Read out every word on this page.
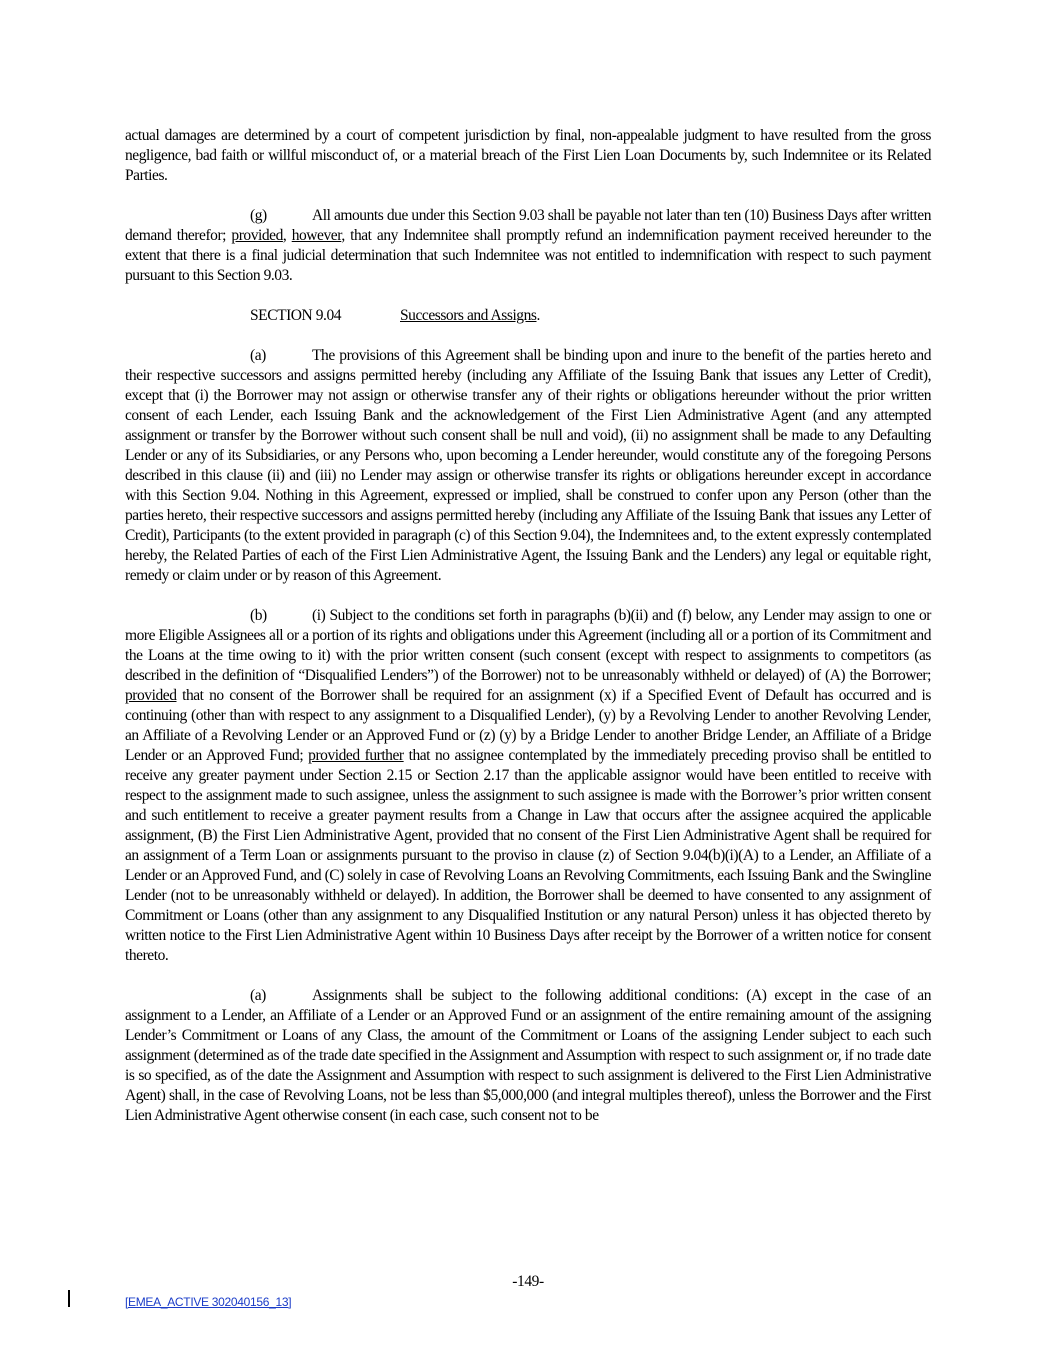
actual damages are determined by a court of competent jurisdiction by final, non-appealable judgment to have resulted from the gross negligence, bad faith or willful misconduct of, or a material breach of the First Lien Loan Documents by, such Indemnitee or its Related Parties.

(g)	All amounts due under this Section 9.03 shall be payable not later than ten (10) Business Days after written demand therefor; provided, however, that any Indemnitee shall promptly refund an indemnification payment received hereunder to the extent that there is a final judicial determination that such Indemnitee was not entitled to indemnification with respect to such payment pursuant to this Section 9.03.

SECTION 9.04	Successors and Assigns.

(a)	The provisions of this Agreement shall be binding upon and inure to the benefit of the parties hereto and their respective successors and assigns permitted hereby (including any Affiliate of the Issuing Bank that issues any Letter of Credit), except that (i) the Borrower may not assign or otherwise transfer any of their rights or obligations hereunder without the prior written consent of each Lender, each Issuing Bank and the acknowledgement of the First Lien Administrative Agent (and any attempted assignment or transfer by the Borrower without such consent shall be null and void), (ii) no assignment shall be made to any Defaulting Lender or any of its Subsidiaries, or any Persons who, upon becoming a Lender hereunder, would constitute any of the foregoing Persons described in this clause (ii) and (iii) no Lender may assign or otherwise transfer its rights or obligations hereunder except in accordance with this Section 9.04. Nothing in this Agreement, expressed or implied, shall be construed to confer upon any Person (other than the parties hereto, their respective successors and assigns permitted hereby (including any Affiliate of the Issuing Bank that issues any Letter of Credit), Participants (to the extent provided in paragraph (c) of this Section 9.04), the Indemnitees and, to the extent expressly contemplated hereby, the Related Parties of each of the First Lien Administrative Agent, the Issuing Bank and the Lenders) any legal or equitable right, remedy or claim under or by reason of this Agreement.

(b)	(i) Subject to the conditions set forth in paragraphs (b)(ii) and (f) below, any Lender may assign to one or more Eligible Assignees all or a portion of its rights and obligations under this Agreement (including all or a portion of its Commitment and the Loans at the time owing to it) with the prior written consent (such consent (except with respect to assignments to competitors (as described in the definition of “Disqualified Lenders”) of the Borrower) not to be unreasonably withheld or delayed) of (A) the Borrower; provided that no consent of the Borrower shall be required for an assignment (x) if a Specified Event of Default has occurred and is continuing (other than with respect to any assignment to a Disqualified Lender), (y) by a Revolving Lender to another Revolving Lender, an Affiliate of a Revolving Lender or an Approved Fund or (z) (y) by a Bridge Lender to another Bridge Lender, an Affiliate of a Bridge Lender or an Approved Fund; provided further that no assignee contemplated by the immediately preceding proviso shall be entitled to receive any greater payment under Section 2.15 or Section 2.17 than the applicable assignor would have been entitled to receive with respect to the assignment made to such assignee, unless the assignment to such assignee is made with the Borrower’s prior written consent and such entitlement to receive a greater payment results from a Change in Law that occurs after the assignee acquired the applicable assignment, (B) the First Lien Administrative Agent, provided that no consent of the First Lien Administrative Agent shall be required for an assignment of a Term Loan or assignments pursuant to the proviso in clause (z) of Section 9.04(b)(i)(A) to a Lender, an Affiliate of a Lender or an Approved Fund, and (C) solely in case of Revolving Loans an Revolving Commitments, each Issuing Bank and the Swingline Lender (not to be unreasonably withheld or delayed). In addition, the Borrower shall be deemed to have consented to any assignment of Commitment or Loans (other than any assignment to any Disqualified Institution or any natural Person) unless it has objected thereto by written notice to the First Lien Administrative Agent within 10 Business Days after receipt by the Borrower of a written notice for consent thereto.

(a)	Assignments shall be subject to the following additional conditions: (A) except in the case of an assignment to a Lender, an Affiliate of a Lender or an Approved Fund or an assignment of the entire remaining amount of the assigning Lender’s Commitment or Loans of any Class, the amount of the Commitment or Loans of the assigning Lender subject to each such assignment (determined as of the trade date specified in the Assignment and Assumption with respect to such assignment or, if no trade date is so specified, as of the date the Assignment and Assumption with respect to such assignment is delivered to the First Lien Administrative Agent) shall, in the case of Revolving Loans, not be less than $5,000,000 (and integral multiples thereof), unless the Borrower and the First Lien Administrative Agent otherwise consent (in each case, such consent not to be

-149-
[EMEA_ACTIVE 302040156_13]
